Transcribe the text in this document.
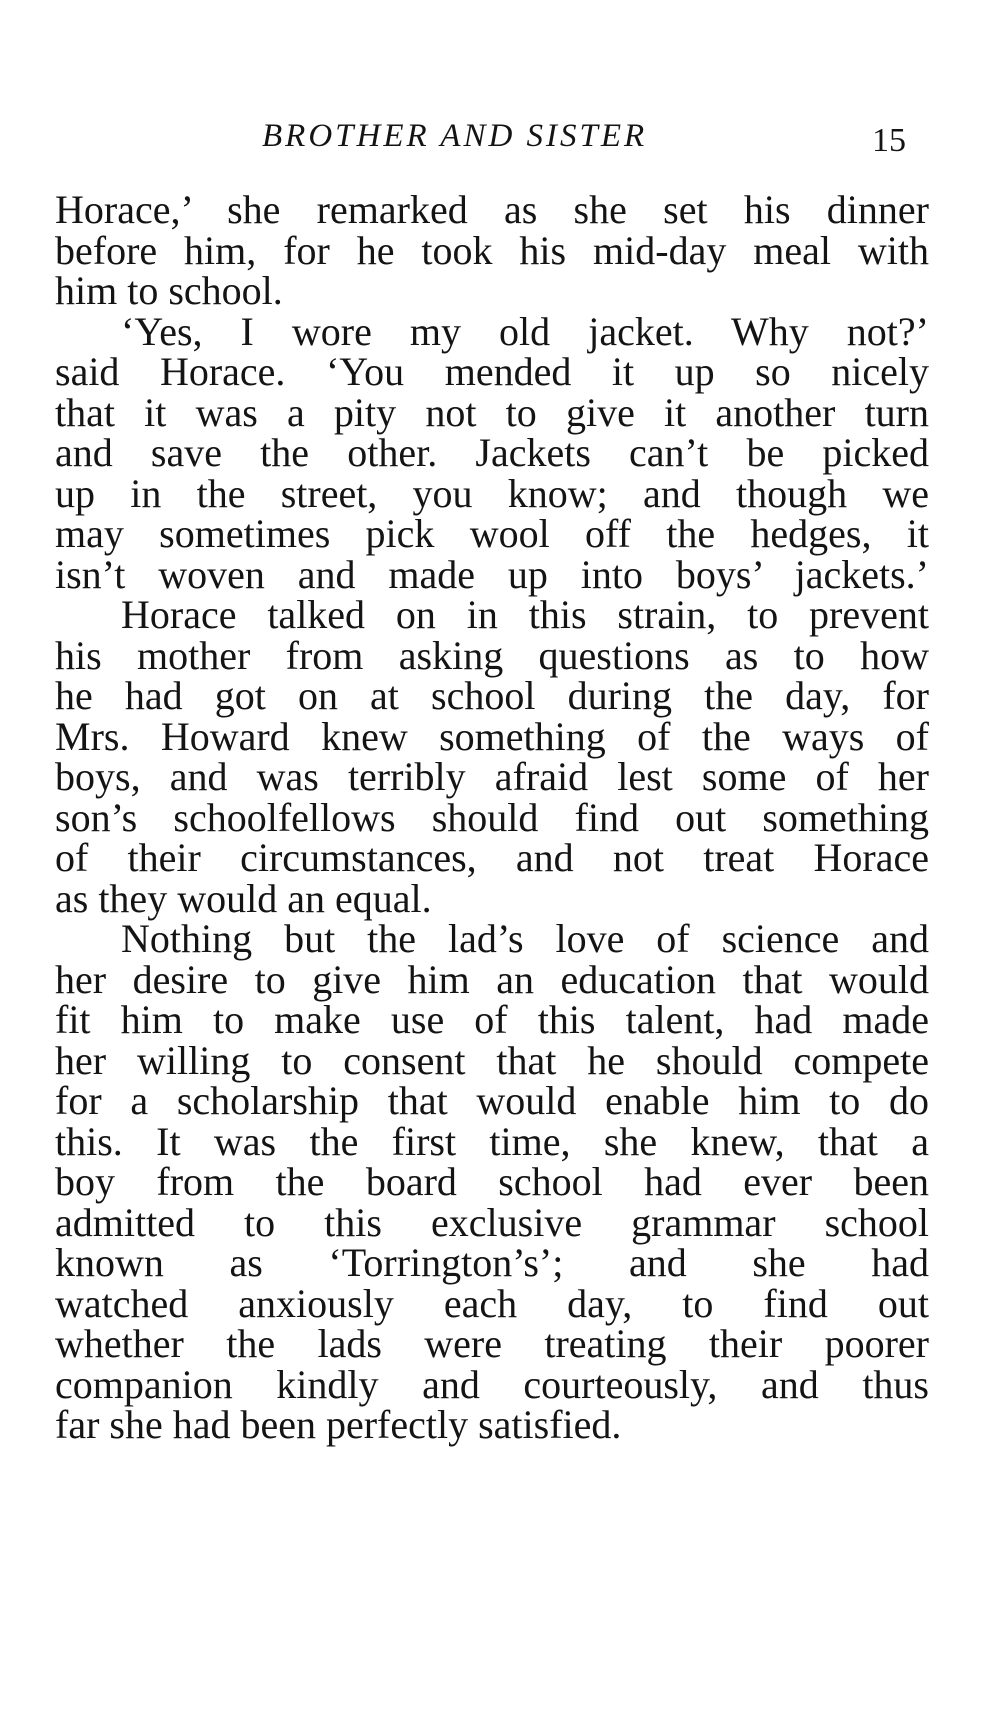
BROTHER AND SISTER	15
Horace,’ she remarked as she set his dinner
before him, for he took his mid-day meal with
him to school.
‘Yes, I wore my old jacket. Why not?’
said Horace. ‘You mended it up so nicely
that it was a pity not to give it another turn
and save the other. Jackets can’t be picked
up in the street, you know; and though we
may sometimes pick wool off the hedges, it
isn’t woven and made up into boys’ jackets.’
Horace talked on in this strain, to prevent
his mother from asking questions as to how
he had got on at school during the day, for
Mrs. Howard knew something of the ways of
boys, and was terribly afraid lest some of her
son’s schoolfellows should find out something
of their circumstances, and not treat Horace
as they would an equal.
Nothing but the lad’s love of science and
her desire to give him an education that would
fit him to make use of this talent, had made
her willing to consent that he should compete
for a scholarship that would enable him to do
this. It was the first time, she knew, that a
boy from the board school had ever been
admitted to this exclusive grammar school
known as ‘Torrington’s’; and she had
watched anxiously each day, to find out
whether the lads were treating their poorer
companion kindly and courteously, and thus
far she had been perfectly satisfied.
